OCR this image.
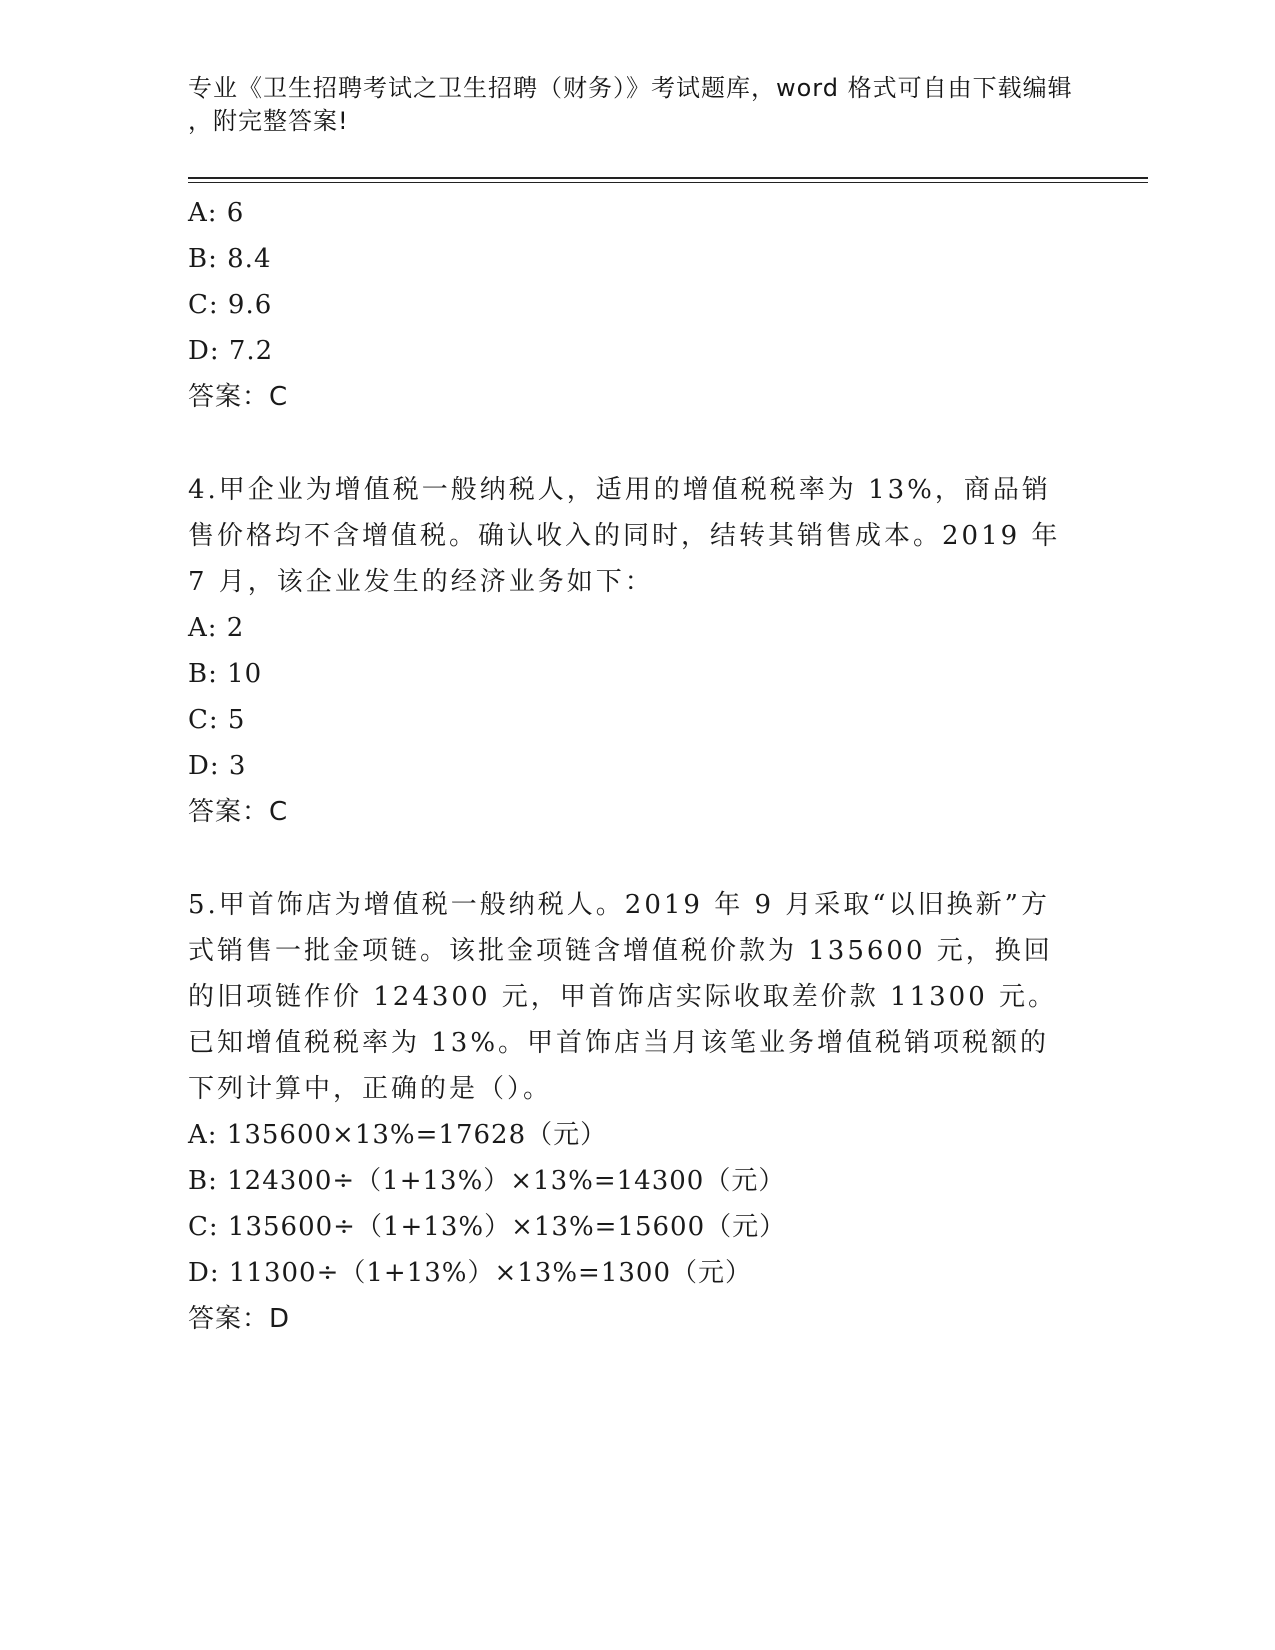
专业《卫生招聘考试之卫生招聘（财务）》考试题库，word 格式可自由下载编辑
，附完整答案!
A: 6
B: 8.4
C: 9.6
D: 7.2
答案：C
4.甲企业为增值税一般纳税人，适用的增值税税率为 13%，商品销售价格均不含增值税。确认收入的同时，结转其销售成本。2019 年 7 月，该企业发生的经济业务如下：
A: 2
B: 10
C: 5
D: 3
答案：C
5.甲首饰店为增值税一般纳税人。2019 年 9 月采取“以旧换新”方式销售一批金项链。该批金项链含增值税价款为 135600 元，换回的旧项链作价 124300 元，甲首饰店实际收取差价款 11300 元。已知增值税税率为 13%。甲首饰店当月该笔业务增值税销项税额的下列计算中，正确的是（）。
A: 135600×13%=17628（元）
B: 124300÷（1+13%）×13%=14300（元）
C: 135600÷（1+13%）×13%=15600（元）
D: 11300÷（1+13%）×13%=1300（元）
答案：D
